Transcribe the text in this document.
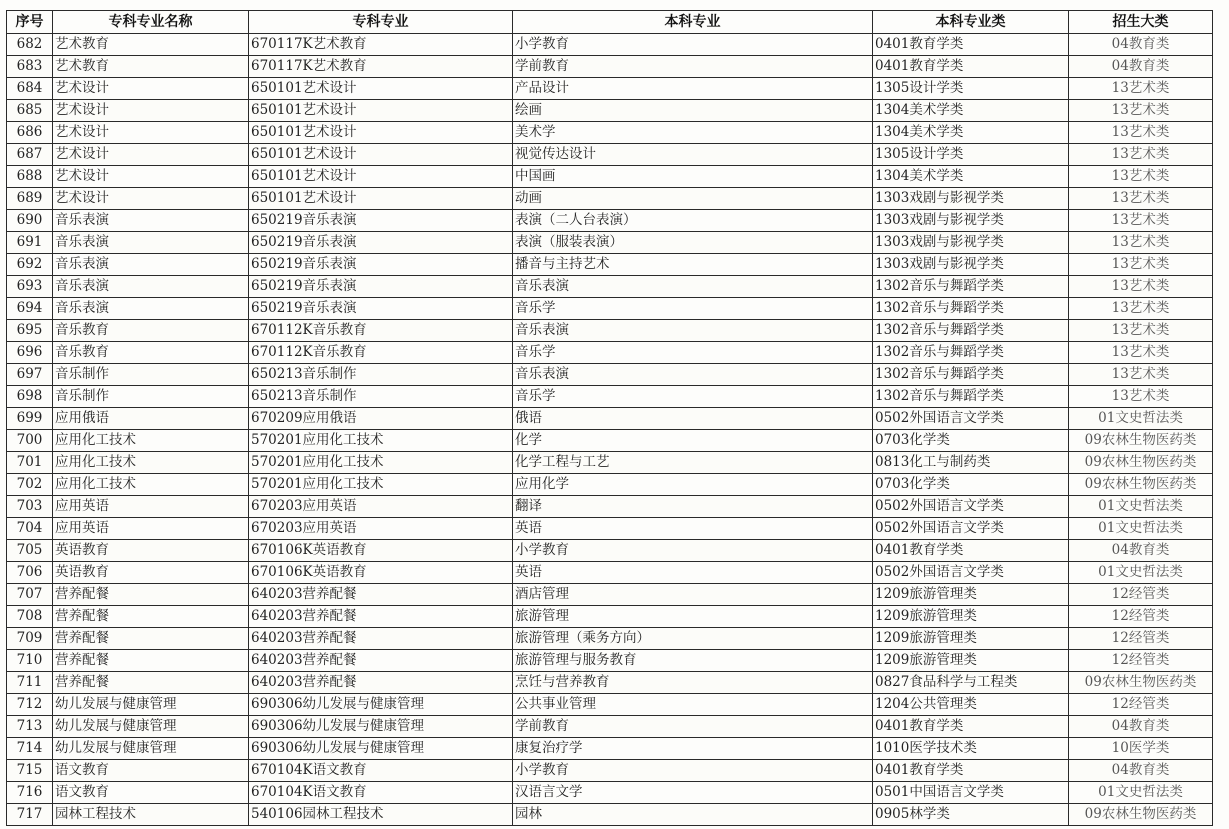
序号	专科专业名称	专科专业	本科专业	本科专业类	招生大类
682	艺术教育	670117K艺术教育	小学教育	0401教育学类	04教育类
683	艺术教育	670117K艺术教育	学前教育	0401教育学类	04教育类
684	艺术设计	650101艺术设计	产品设计	1305设计学类	13艺术类
685	艺术设计	650101艺术设计	绘画	1304美术学类	13艺术类
686	艺术设计	650101艺术设计	美术学	1304美术学类	13艺术类
687	艺术设计	650101艺术设计	视觉传达设计	1305设计学类	13艺术类
688	艺术设计	650101艺术设计	中国画	1304美术学类	13艺术类
689	艺术设计	650101艺术设计	动画	1303戏剧与影视学类	13艺术类
690	音乐表演	650219音乐表演	表演（二人台表演）	1303戏剧与影视学类	13艺术类
691	音乐表演	650219音乐表演	表演（服装表演）	1303戏剧与影视学类	13艺术类
692	音乐表演	650219音乐表演	播音与主持艺术	1303戏剧与影视学类	13艺术类
693	音乐表演	650219音乐表演	音乐表演	1302音乐与舞蹈学类	13艺术类
694	音乐表演	650219音乐表演	音乐学	1302音乐与舞蹈学类	13艺术类
695	音乐教育	670112K音乐教育	音乐表演	1302音乐与舞蹈学类	13艺术类
696	音乐教育	670112K音乐教育	音乐学	1302音乐与舞蹈学类	13艺术类
697	音乐制作	650213音乐制作	音乐表演	1302音乐与舞蹈学类	13艺术类
698	音乐制作	650213音乐制作	音乐学	1302音乐与舞蹈学类	13艺术类
699	应用俄语	670209应用俄语	俄语	0502外国语言文学类	01文史哲法类
700	应用化工技术	570201应用化工技术	化学	0703化学类	09农林生物医药类
701	应用化工技术	570201应用化工技术	化学工程与工艺	0813化工与制药类	09农林生物医药类
702	应用化工技术	570201应用化工技术	应用化学	0703化学类	09农林生物医药类
703	应用英语	670203应用英语	翻译	0502外国语言文学类	01文史哲法类
704	应用英语	670203应用英语	英语	0502外国语言文学类	01文史哲法类
705	英语教育	670106K英语教育	小学教育	0401教育学类	04教育类
706	英语教育	670106K英语教育	英语	0502外国语言文学类	01文史哲法类
707	营养配餐	640203营养配餐	酒店管理	1209旅游管理类	12经管类
708	营养配餐	640203营养配餐	旅游管理	1209旅游管理类	12经管类
709	营养配餐	640203营养配餐	旅游管理（乘务方向）	1209旅游管理类	12经管类
710	营养配餐	640203营养配餐	旅游管理与服务教育	1209旅游管理类	12经管类
711	营养配餐	640203营养配餐	烹饪与营养教育	0827食品科学与工程类	09农林生物医药类
712	幼儿发展与健康管理	690306幼儿发展与健康管理	公共事业管理	1204公共管理类	12经管类
713	幼儿发展与健康管理	690306幼儿发展与健康管理	学前教育	0401教育学类	04教育类
714	幼儿发展与健康管理	690306幼儿发展与健康管理	康复治疗学	1010医学技术类	10医学类
715	语文教育	670104K语文教育	小学教育	0401教育学类	04教育类
716	语文教育	670104K语文教育	汉语言文学	0501中国语言文学类	01文史哲法类
717	园林工程技术	540106园林工程技术	园林	0905林学类	09农林生物医药类
